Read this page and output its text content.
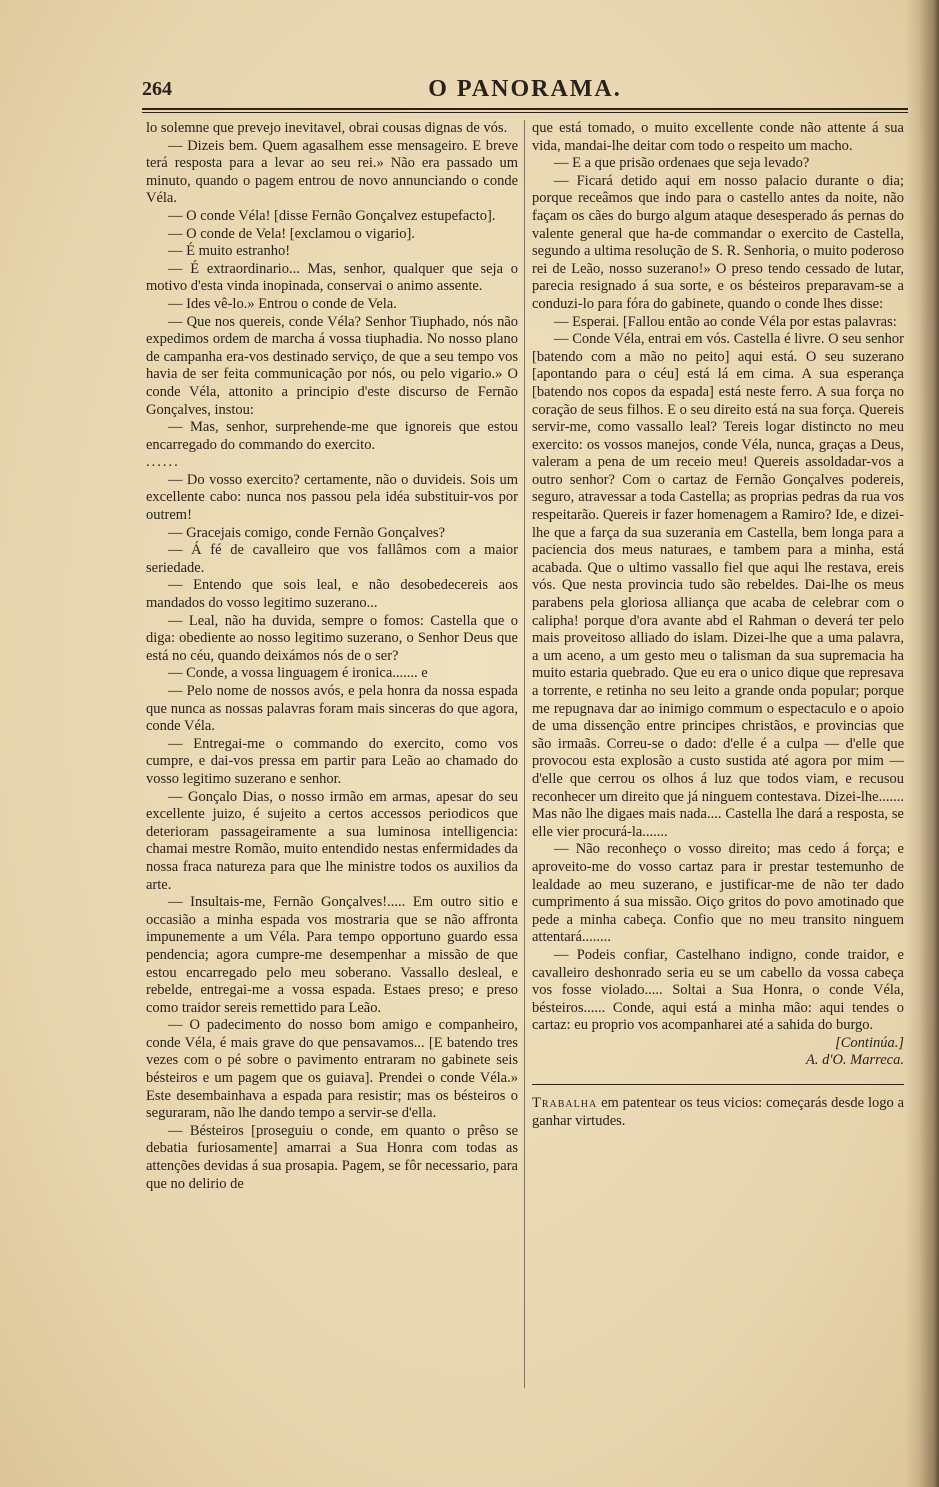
264	O PANORAMA.

lo solemne que prevejo inevitavel, obrai cousas dignas de vós.

— Dizeis bem. Quem agasalhem esse mensageiro. E breve terá resposta para a levar ao seu rei.» Não era passado um minuto, quando o pagem entrou de novo annunciando o conde Véla.

— O conde Véla! [disse Fernão Gonçalvez estupefacto].

— O conde de Vela! [exclamou o vigario].

— É muito estranho!

— É extraordinario... Mas, senhor, qualquer que seja o motivo d'esta vinda inopinada, conservai o animo assente.

— Ides vê-lo.» Entrou o conde de Vela.

— Que nos quereis, conde Véla? Senhor Tiuphado, nós não expedimos ordem de marcha á vossa tiuphadia. No nosso plano de campanha era-vos destinado serviço, de que a seu tempo vos havia de ser feita communicação por nós, ou pelo vigario.» O conde Véla, attonito a principio d'este discurso de Fernão Gonçalves, instou:

— Mas, senhor, surprehende-me que ignoreis que estou encarregado do commando do exercito.

......

— Do vosso exercito? certamente, não o duvideis. Sois um excellente cabo: nunca nos passou pela idéa substituir-vos por outrem!

— Gracejais comigo, conde Fernão Gonçalves?

— Á fé de cavalleiro que vos fallâmos com a maior seriedade.

— Entendo que sois leal, e não desobedecereis aos mandados do vosso legitimo suzerano...

— Leal, não ha duvida, sempre o fomos: Castella que o diga: obediente ao nosso legitimo suzerano, o Senhor Deus que está no céu, quando deixámos nós de o ser?

— Conde, a vossa linguagem é ironica....... e

— Pelo nome de nossos avós, e pela honra da nossa espada que nunca as nossas palavras foram mais sinceras do que agora, conde Véla.

— Entregai-me o commando do exercito, como vos cumpre, e dai-vos pressa em partir para Leão ao chamado do vosso legitimo suzerano e senhor.

— Gonçalo Dias, o nosso irmão em armas, apesar do seu excellente juizo, é sujeito a certos accessos periodicos que deterioram passageiramente a sua luminosa intelligencia: chamai mestre Romão, muito entendido nestas enfermidades da nossa fraca natureza para que lhe ministre todos os auxilios da arte.

— Insultais-me, Fernão Gonçalves!..... Em outro sitio e occasião a minha espada vos mostraria que se não affronta impunemente a um Véla. Para tempo opportuno guardo essa pendencia; agora cumpre-me desempenhar a missão de que estou encarregado pelo meu soberano. Vassallo desleal, e rebelde, entregai-me a vossa espada. Estaes preso; e preso como traidor sereis remettido para Leão.

— O padecimento do nosso bom amigo e companheiro, conde Véla, é mais grave do que pensavamos... [E batendo tres vezes com o pé sobre o pavimento entraram no gabinete seis bésteiros e um pagem que os guiava]. Prendei o conde Véla.» Este desembainhava a espada para resistir; mas os bésteiros o seguraram, não lhe dando tempo a servir-se d'ella.

— Bésteiros [proseguiu o conde, em quanto o prêso se debatia furiosamente] amarrai a Sua Honra com todas as attenções devidas á sua prosapia. Pagem, se fôr necessario, para que no delirio de

que está tomado, o muito excellente conde não attente á sua vida, mandai-lhe deitar com todo o respeito um macho.

— E a que prisão ordenaes que seja levado?

— Ficará detido aqui em nosso palacio durante o dia; porque receâmos que indo para o castello antes da noite, não façam os cães do burgo algum ataque desesperado ás pernas do valente general que ha-de commandar o exercito de Castella, segundo a ultima resolução de S. R. Senhoria, o muito poderoso rei de Leão, nosso suzerano!» O preso tendo cessado de lutar, parecia resignado á sua sorte, e os bésteiros preparavam-se a conduzi-lo para fóra do gabinete, quando o conde lhes disse:

— Esperai. [Fallou então ao conde Véla por estas palavras:

— Conde Véla, entrai em vós. Castella é livre. O seu senhor [batendo com a mão no peito] aqui está. O seu suzerano [apontando para o céu] está lá em cima. A sua esperança [batendo nos copos da espada] está neste ferro. A sua força no coração de seus filhos. E o seu direito está na sua força. Quereis servir-me, como vassallo leal? Tereis logar distincto no meu exercito: os vossos manejos, conde Véla, nunca, graças a Deus, valeram a pena de um receio meu! Quereis assoldadar-vos a outro senhor? Com o cartaz de Fernão Gonçalves podereis, seguro, atravessar a toda Castella; as proprias pedras da rua vos respeitarão. Quereis ir fazer homenagem a Ramiro? Ide, e dizei-lhe que a farça da sua suzerania em Castella, bem longa para a paciencia dos meus naturaes, e tambem para a minha, está acabada. Que o ultimo vassallo fiel que aqui lhe restava, ereis vós. Que nesta provincia tudo são rebeldes. Dai-lhe os meus parabens pela gloriosa alliança que acaba de celebrar com o calipha! porque d'ora avante abd el Rahman o deverá ter pelo mais proveitoso alliado do islam. Dizei-lhe que a uma palavra, a um aceno, a um gesto meu o talisman da sua supremacia ha muito estaria quebrado. Que eu era o unico dique que represava a torrente, e retinha no seu leito a grande onda popular; porque me repugnava dar ao inimigo commum o espectaculo e o apoio de uma dissenção entre principes christãos, e provincias que são irmaãs. Correu-se o dado: d'elle é a culpa — d'elle que provocou esta explosão a custo sustida até agora por mim — d'elle que cerrou os olhos á luz que todos viam, e recusou reconhecer um direito que já ninguem contestava. Dizei-lhe....... Mas não lhe digaes mais nada.... Castella lhe dará a resposta, se elle vier procurá-la.......

— Não reconheço o vosso direito; mas cedo á força; e aproveito-me do vosso cartaz para ir prestar testemunho de lealdade ao meu suzerano, e justificar-me de não ter dado cumprimento á sua missão. Oiço gritos do povo amotinado que pede a minha cabeça. Confio que no meu transito ninguem attentará........

— Podeis confiar, Castelhano indigno, conde traidor, e cavalleiro deshonrado seria eu se um cabello da vossa cabeça vos fosse violado..... Soltai a Sua Honra, o conde Véla, bésteiros...... Conde, aqui está a minha mão: aqui tendes o cartaz: eu proprio vos acompanharei até a sahida do burgo.

[Continúa.]

A. d'O. Marreca.

Trabalha em patentear os teus vicios: começarás desde logo a ganhar virtudes.
